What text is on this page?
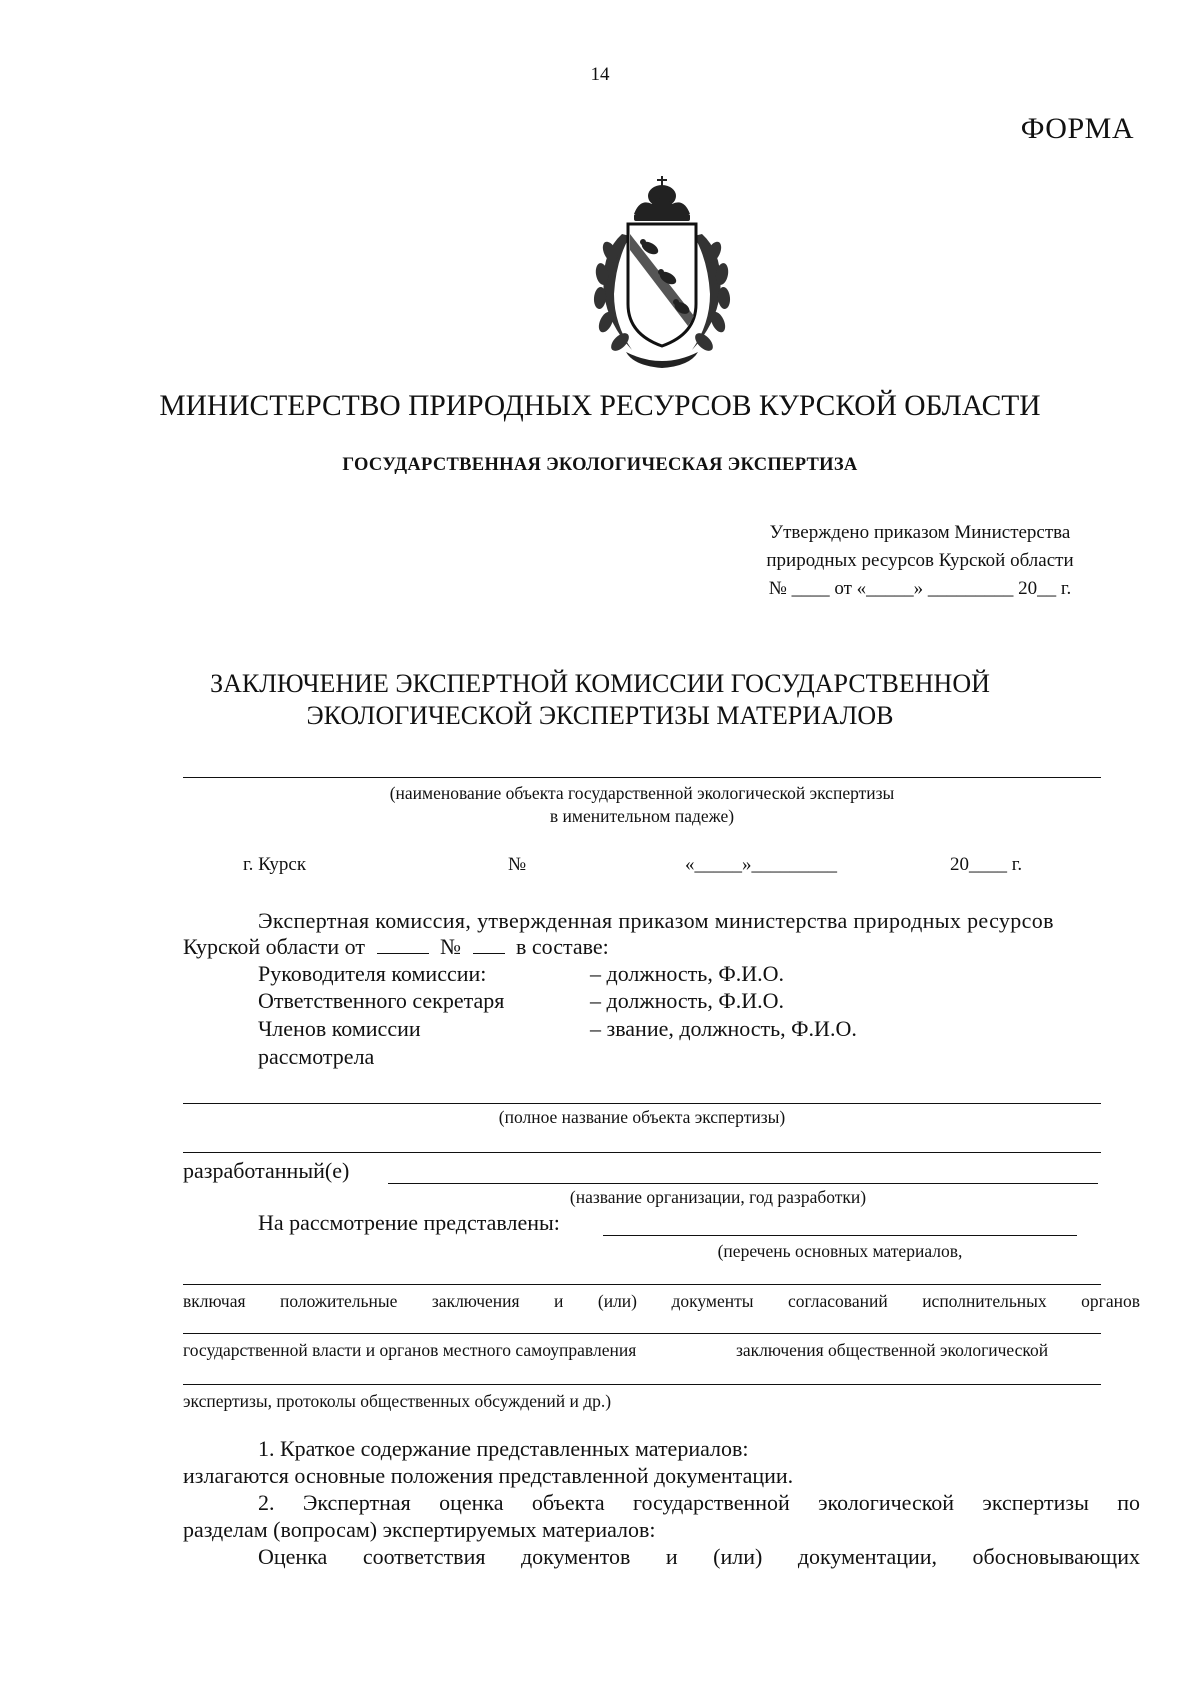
14
ФОРМА
МИНИСТЕРСТВО ПРИРОДНЫХ РЕСУРСОВ КУРСКОЙ ОБЛАСТИ
ГОСУДАРСТВЕННАЯ ЭКОЛОГИЧЕСКАЯ ЭКСПЕРТИЗА
Утверждено приказом Министерства
природных ресурсов Курской области
№ ____ от «_____» _________ 20__ г.
ЗАКЛЮЧЕНИЕ ЭКСПЕРТНОЙ КОМИССИИ ГОСУДАРСТВЕННОЙ
ЭКОЛОГИЧЕСКОЙ ЭКСПЕРТИЗЫ МАТЕРИАЛОВ
(наименование объекта государственной экологической экспертизы
в именительном падеже)
г. Курск	№	«_____»_________	20____ г.
Экспертная комиссия, утвержденная приказом министерства природных ресурсов
Курской области от	№	в составе:
Руководителя комиссии:	– должность, Ф.И.О.
Ответственного секретаря	– должность, Ф.И.О.
Членов комиссии	– звание, должность, Ф.И.О.
рассмотрела
(полное название объекта экспертизы)
разработанный(е)
(название организации, год разработки)
На рассмотрение представлены:
(перечень основных материалов,
включая положительные заключения и (или) документы согласований исполнительных органов
государственной власти и органов местного самоуправления	заключения общественной экологической
экспертизы, протоколы общественных обсуждений и др.)
1. Краткое содержание представленных материалов:
излагаются основные положения представленной документации.
2. Экспертная оценка объекта государственной экологической экспертизы по
разделам (вопросам) экспертируемых материалов:
Оценка соответствия документов и (или) документации, обосновывающих
